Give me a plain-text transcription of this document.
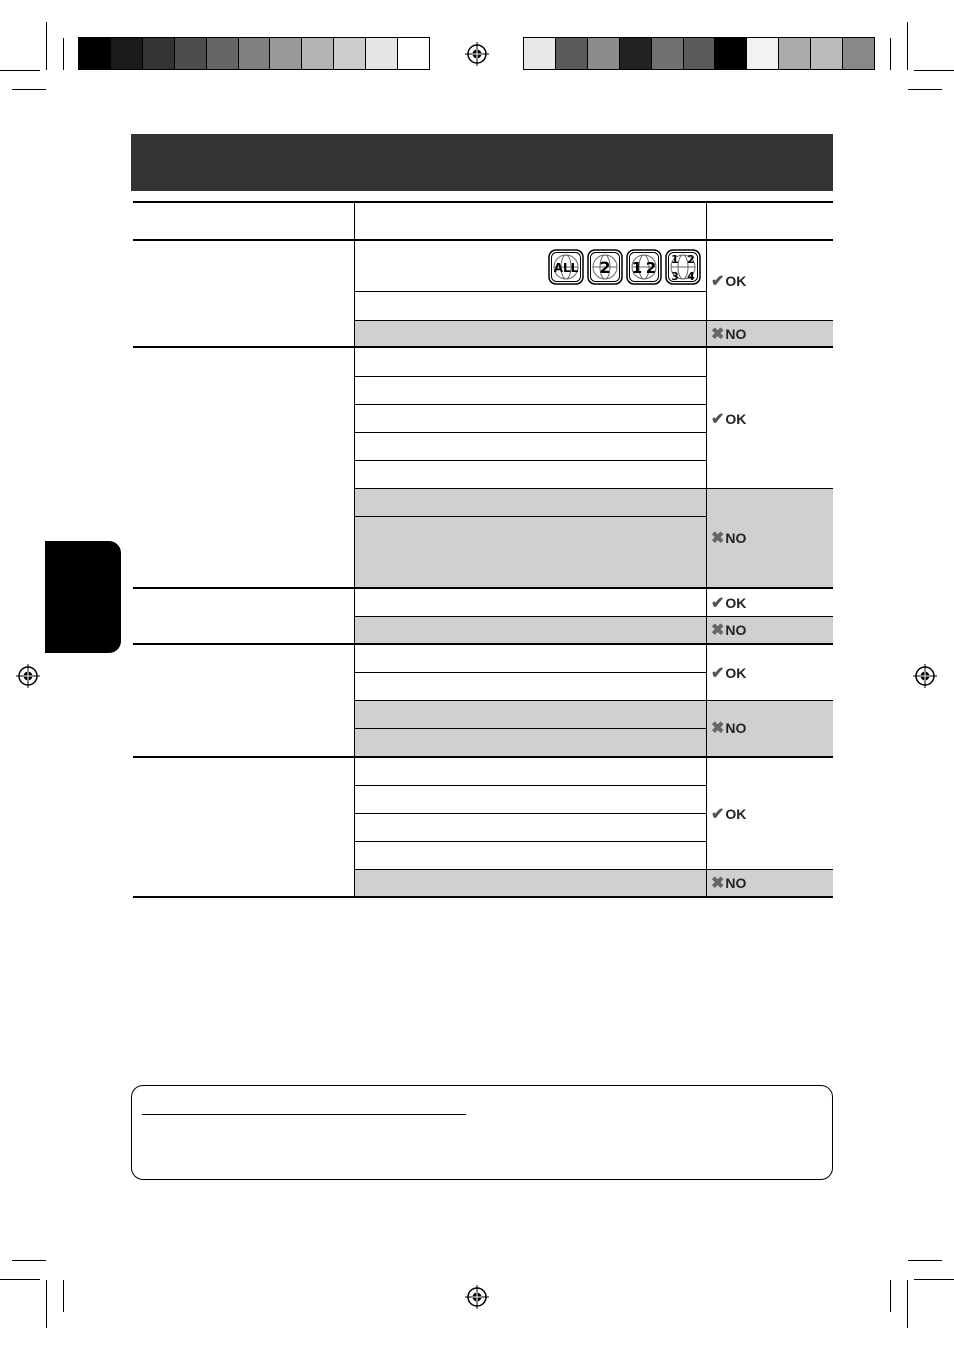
ALL 2 1 2 1 2
3 4 ✔ OK
✖ NO
✔ OK
✖ NO
✔ OK
✖ NO
✔ OK
✖ NO
✔ OK
✖ NO
